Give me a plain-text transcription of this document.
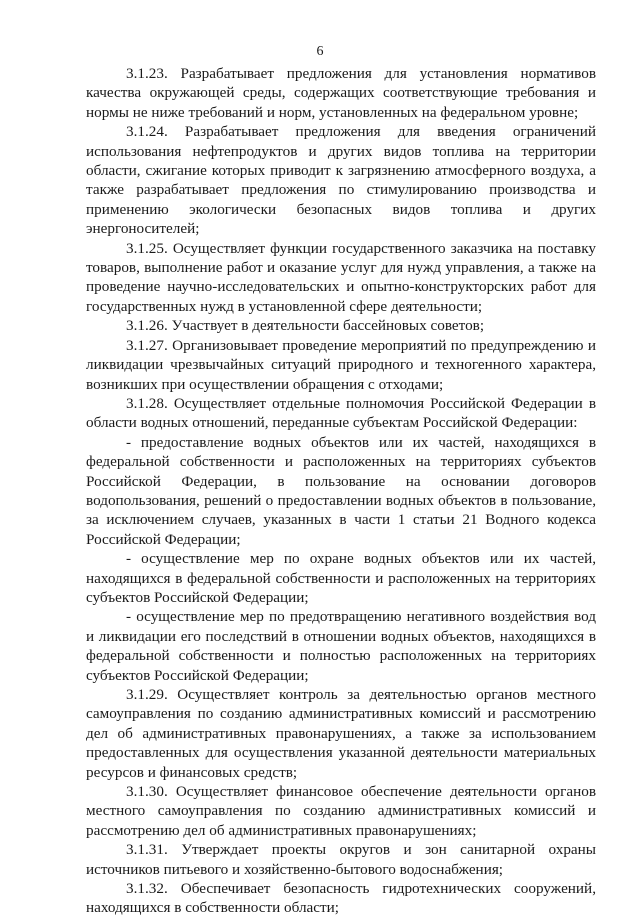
6

3.1.23. Разрабатывает предложения для установления нормативов качества окружающей среды, содержащих соответствующие требования и нормы не ниже требований и норм, установленных на федеральном уровне;

3.1.24. Разрабатывает предложения для введения ограничений использования нефтепродуктов и других видов топлива на территории области, сжигание которых приводит к загрязнению атмосферного воздуха, а также разрабатывает предложения по стимулированию производства и применению экологически безопасных видов топлива и других энергоносителей;

3.1.25. Осуществляет функции государственного заказчика на поставку товаров, выполнение работ и оказание услуг для нужд управления, а также на проведение научно-исследовательских и опытно-конструкторских работ для государственных нужд в установленной сфере деятельности;

3.1.26. Участвует в деятельности бассейновых советов;

3.1.27. Организовывает проведение мероприятий по предупреждению и ликвидации чрезвычайных ситуаций природного и техногенного характера, возникших при осуществлении обращения с отходами;

3.1.28. Осуществляет отдельные полномочия Российской Федерации в области водных отношений, переданные субъектам Российской Федерации:

- предоставление водных объектов или их частей, находящихся в федеральной собственности и расположенных на территориях субъектов Российской Федерации, в пользование на основании договоров водопользования, решений о предоставлении водных объектов в пользование, за исключением случаев, указанных в части 1 статьи 21 Водного кодекса Российской Федерации;

- осуществление мер по охране водных объектов или их частей, находящихся в федеральной собственности и расположенных на территориях субъектов Российской Федерации;

- осуществление мер по предотвращению негативного воздействия вод и ликвидации его последствий в отношении водных объектов, находящихся в федеральной собственности и полностью расположенных на территориях субъектов Российской Федерации;

3.1.29. Осуществляет контроль за деятельностью органов местного самоуправления по созданию административных комиссий и рассмотрению дел об административных правонарушениях, а также за использованием предоставленных для осуществления указанной деятельности материальных ресурсов и финансовых средств;

3.1.30. Осуществляет финансовое обеспечение деятельности органов местного самоуправления по созданию административных комиссий и рассмотрению дел об административных правонарушениях;

3.1.31. Утверждает проекты округов и зон санитарной охраны источников питьевого и хозяйственно-бытового водоснабжения;

3.1.32. Обеспечивает безопасность гидротехнических сооружений, находящихся в собственности области;
